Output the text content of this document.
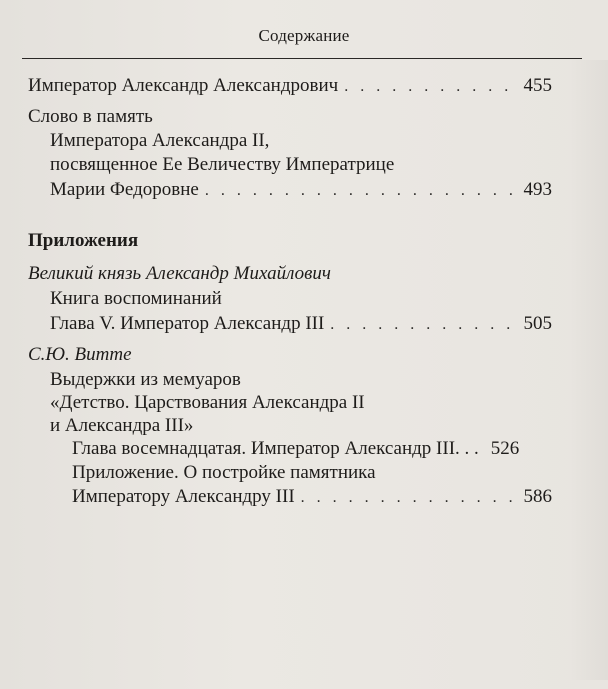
Содержание
Император Александр Александрович . . .	455
Слово в память
Императора Александра II,
посвященное Ее Величеству Императрице
Марии Федоровне . . .	493
Приложения
Великий князь Александр Михайлович
Книга воспоминаний
Глава V. Император Александр III . . .	505
С.Ю. Витте
Выдержки из мемуаров
«Детство. Царствования Александра II
и Александра III»
Глава восемнадцатая. Император Александр III. . . 526
Приложение. О постройке памятника
Императору Александру III . . .	586
